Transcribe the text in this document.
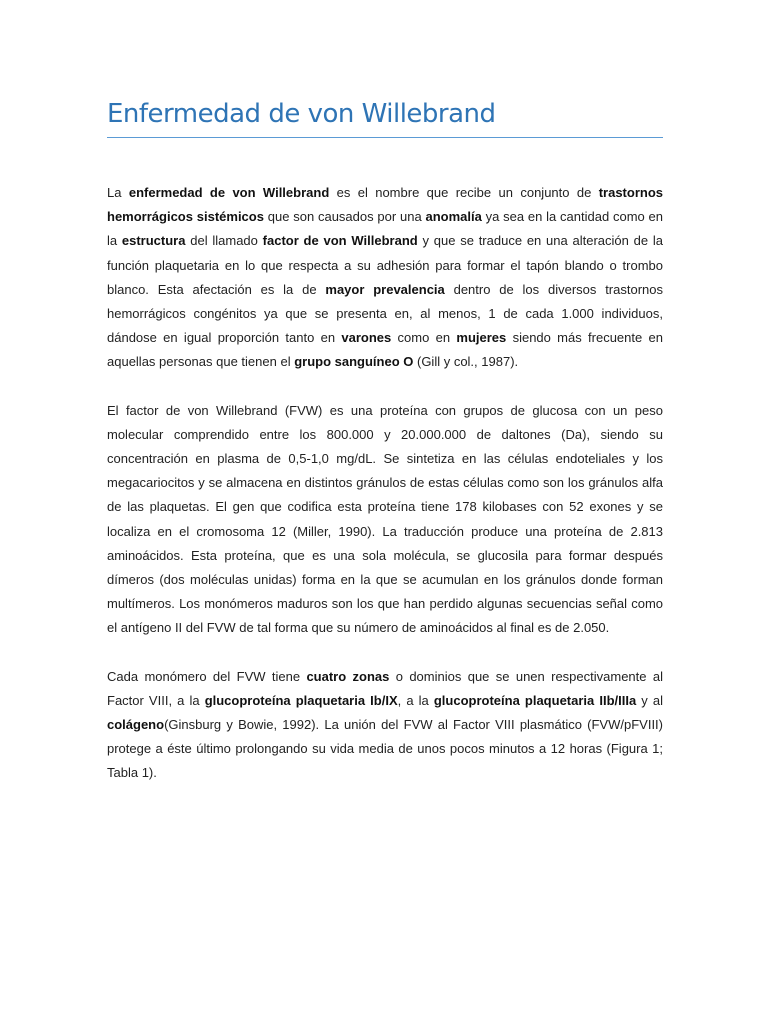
Enfermedad de von Willebrand

La enfermedad de von Willebrand es el nombre que recibe un conjunto de trastornos hemorrágicos sistémicos que son causados por una anomalía ya sea en la cantidad como en la estructura del llamado factor de von Willebrand y que se traduce en una alteración de la función plaquetaria en lo que respecta a su adhesión para formar el tapón blando o trombo blanco. Esta afectación es la de mayor prevalencia dentro de los diversos trastornos hemorrágicos congénitos ya que se presenta en, al menos, 1 de cada 1.000 individuos, dándose en igual proporción tanto en varones como en mujeres siendo más frecuente en aquellas personas que tienen el grupo sanguíneo O (Gill y col., 1987).

El factor de von Willebrand (FVW) es una proteína con grupos de glucosa con un peso molecular comprendido entre los 800.000 y 20.000.000 de daltones (Da), siendo su concentración en plasma de 0,5-1,0 mg/dL. Se sintetiza en las células endoteliales y los megacariocitos y se almacena en distintos gránulos de estas células como son los gránulos alfa de las plaquetas. El gen que codifica esta proteína tiene 178 kilobases con 52 exones y se localiza en el cromosoma 12 (Miller, 1990). La traducción produce una proteína de 2.813 aminoácidos. Esta proteína, que es una sola molécula, se glucosila para formar después dímeros (dos moléculas unidas) forma en la que se acumulan en los gránulos donde forman multímeros. Los monómeros maduros son los que han perdido algunas secuencias señal como el antígeno II del FVW de tal forma que su número de aminoácidos al final es de 2.050.

Cada monómero del FVW tiene cuatro zonas o dominios que se unen respectivamente al Factor VIII, a la glucoproteína plaquetaria Ib/IX, a la glucoproteína plaquetaria IIb/IIIa y al colágeno(Ginsburg y Bowie, 1992). La unión del FVW al Factor VIII plasmático (FVW/pFVIII) protege a éste último prolongando su vida media de unos pocos minutos a 12 horas (Figura 1; Tabla 1).
